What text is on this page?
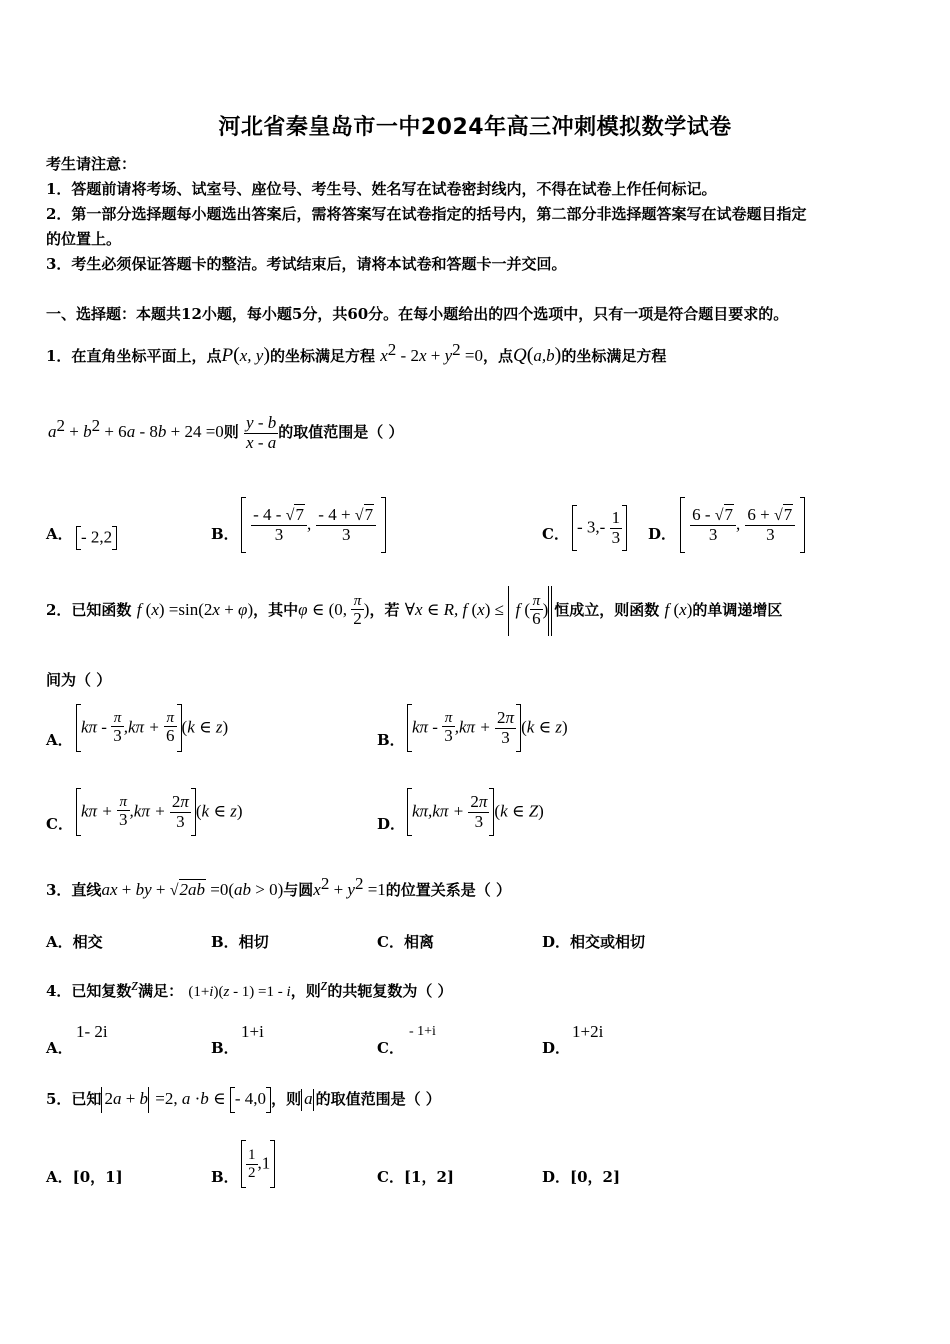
河北省秦皇岛市一中2024年高三冲刺模拟数学试卷
考生请注意：
1．答题前请将考场、试室号、座位号、考生号、姓名写在试卷密封线内，不得在试卷上作任何标记。
2．第一部分选择题每小题选出答案后，需将答案写在试卷指定的括号内，第二部分非选择题答案写在试卷题目指定
的位置上。
3．考生必须保证答题卡的整洁。考试结束后，请将本试卷和答题卡一并交回。
一、选择题：本题共12小题，每小题5分，共60分。在每小题给出的四个选项中，只有一项是符合题目要求的。
1．在直角坐标平面上，点P(x, y)的坐标满足方程 $x^2 - 2x + y^2 =0$，点Q(a,b)的坐标满足方程
$a^2 + b^2 + 6a - 8b + 24 =0$则 $\frac{y - b}{x - a}$ 的取值范围是（ ）
A． - 2,2	B．
$\frac{- 4 - √7}{3}$ , $\frac{- 4 + √7}{3}$
	C． - $3,- \frac{1}{3}$ D．
$\frac{6 - √7}{3}$ , $\frac{6 + √7}{3}$

2．已知函数 f (x) =sin(2x + φ)，其中φ ∈ (0, $\frac{\pi}{2}$ )，若 ∀x ∈ R, f (x) ≤  f ( $\frac{\pi}{6}$ ) 恒成立，则函数 f (x)的单调递增区
间为（ ）
A．
$k\pi - \frac{\pi}{3} ,k\pi + \frac{\pi}{6} (k$ ∈ z)
B．
$k\pi - \frac{\pi}{3} ,k\pi + \frac{2\pi}{3} (k$ ∈ z)
C．
$k\pi + \frac{\pi}{3} ,k\pi + \frac{2\pi}{3} (k$ ∈ z)
D．
$k\pi,k\pi + \frac{2\pi}{3} (k$ ∈ Z)
3．直线ax + by + √2ab =0(ab > 0)与圆$x^2 + y^2 =1$的位置关系是（ ）
A．相交	B．相切	C．相离	D．相交或相切
4．已知复数$^z$满足： (1+i)(z - 1) =1 - i，则$^z$的共轭复数为（ ）
A．
1- 2i
B．
1+i
C．
- 1+i
D．
1+2i
5．已知 2a + b =2, a ·b ∈ - 4,0 ，则 a 的取值范围是（ ）
A．[0，1]	B． $\frac{1}{2} ,1$
C．[1，2]	D．[0，2]
